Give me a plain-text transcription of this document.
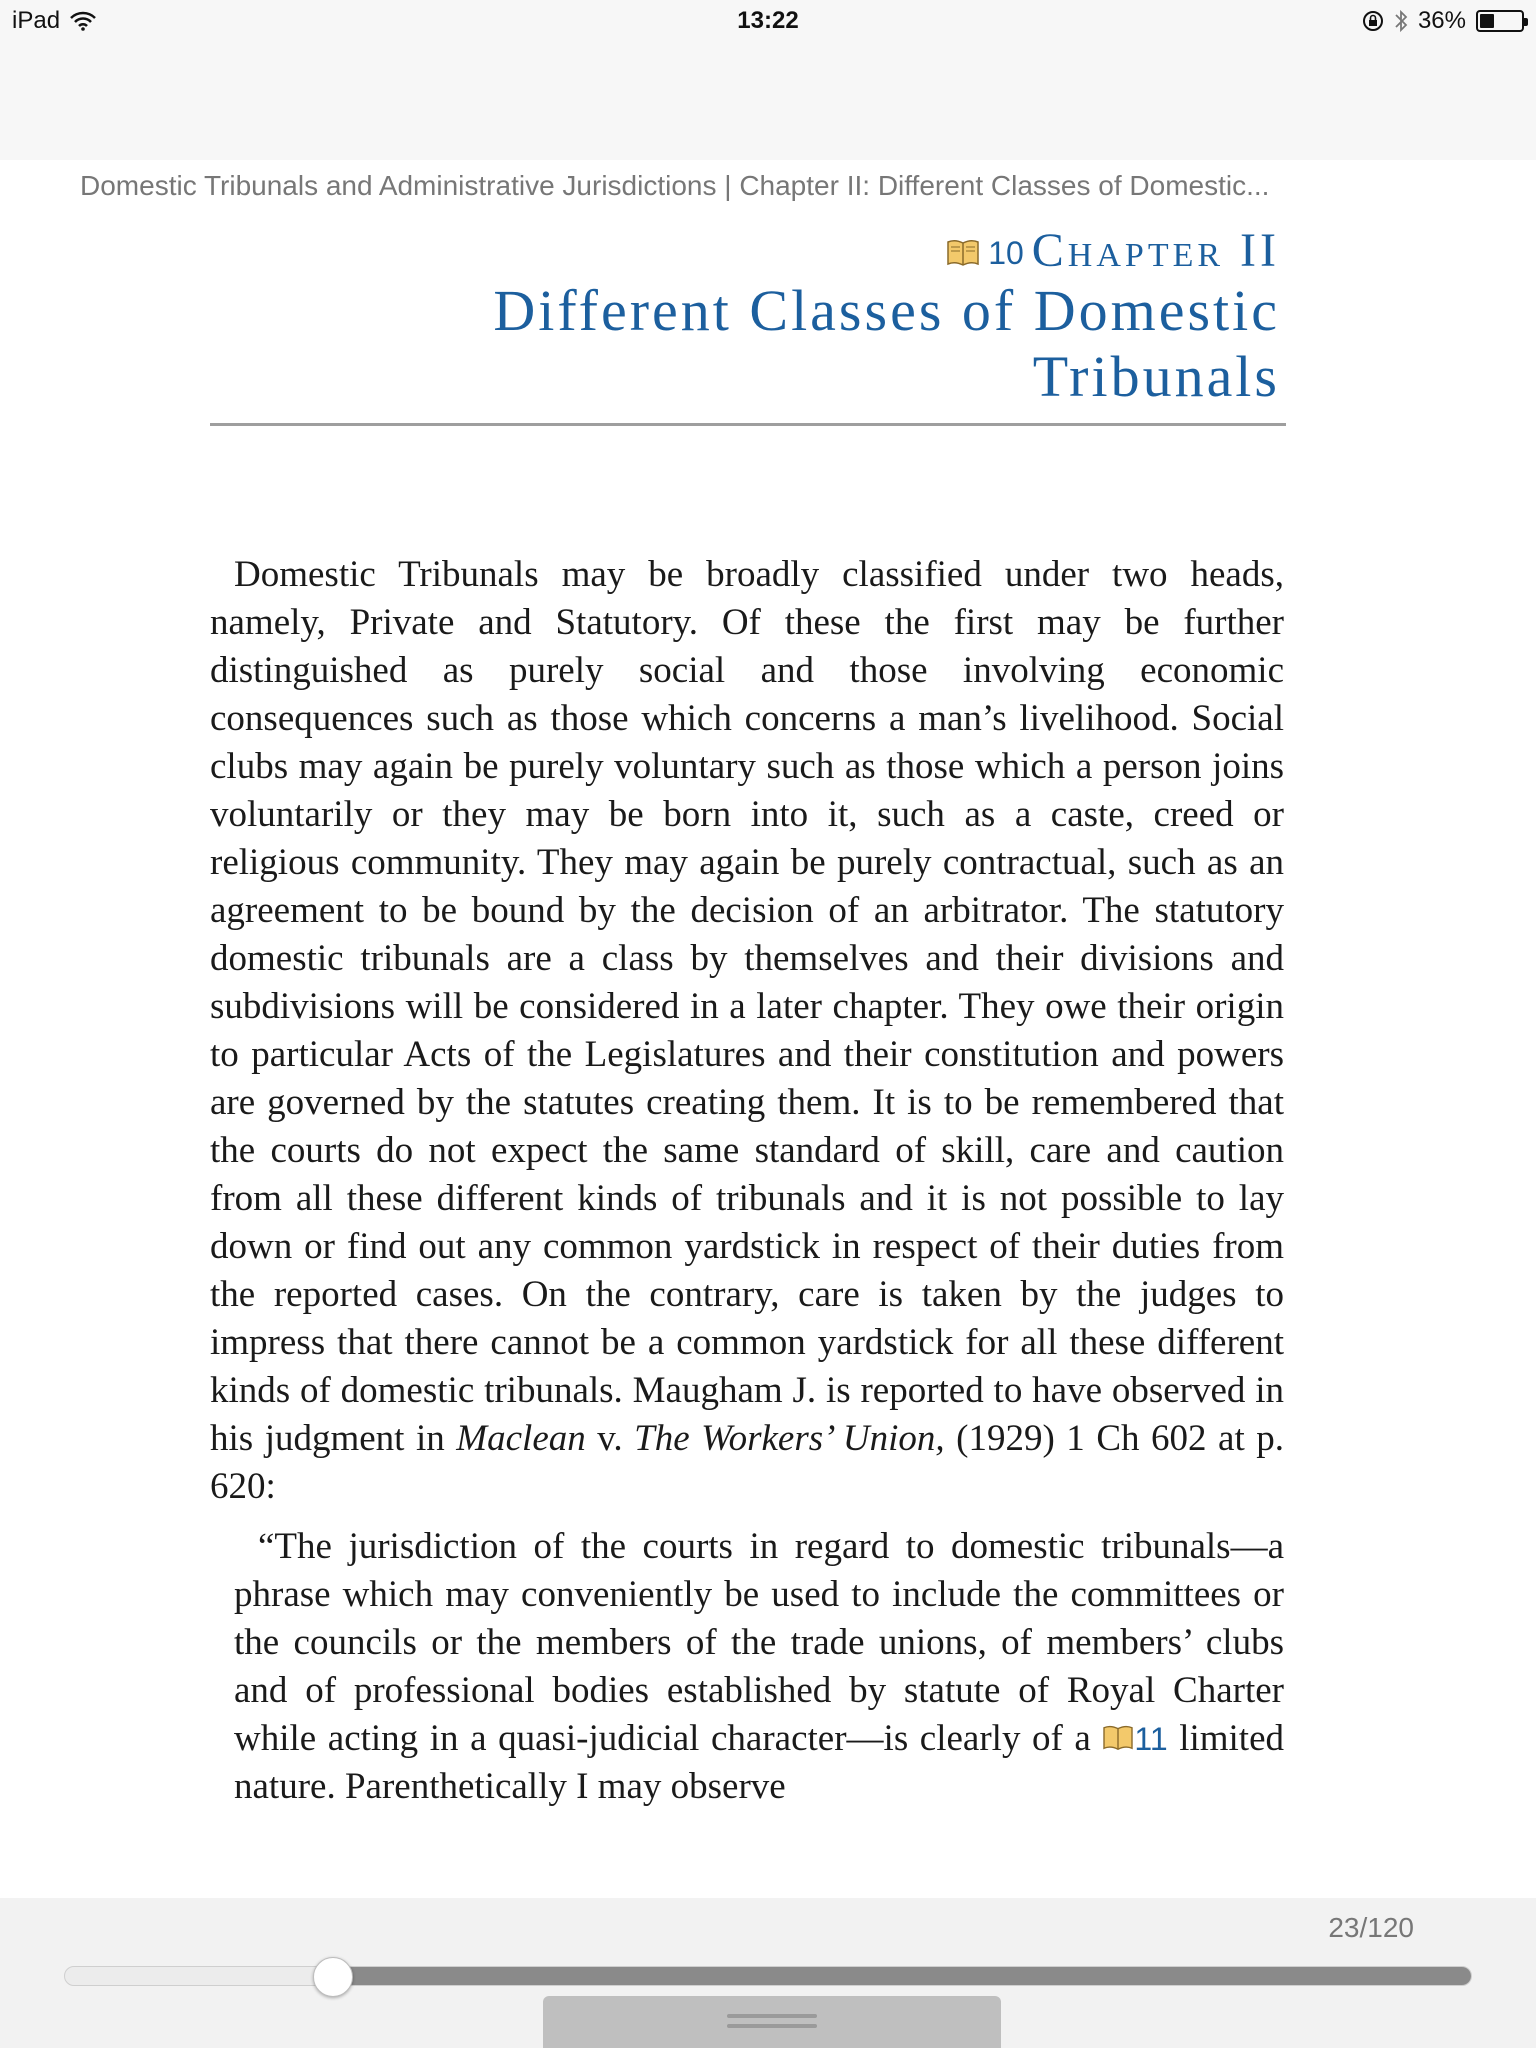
iPad	13:22	36%
Domestic Tribunals and Administrative Jurisdictions | Chapter II: Different Classes of Domestic...
10 Chapter II
Different Classes of Domestic
Tribunals

Domestic Tribunals may be broadly classified under two heads, namely, Private and Statutory. Of these the first may be further distinguished as purely social and those involving economic consequences such as those which concerns a man’s livelihood. Social clubs may again be purely voluntary such as those which a person joins voluntarily or they may be born into it, such as a caste, creed or religious community. They may again be purely contractual, such as an agreement to be bound by the decision of an arbitrator. The statutory domestic tribunals are a class by themselves and their divisions and subdivisions will be considered in a later chapter. They owe their origin to particular Acts of the Legislatures and their constitution and powers are governed by the statutes creating them. It is to be remembered that the courts do not expect the same standard of skill, care and caution from all these different kinds of tribunals and it is not possible to lay down or find out any common yardstick in respect of their duties from the reported cases. On the contrary, care is taken by the judges to impress that there cannot be a common yardstick for all these different kinds of domestic tribunals. Maugham J. is reported to have observed in his judgment in Maclean v. The Workers’ Union, (1929) 1 Ch 602 at p. 620:

“The jurisdiction of the courts in regard to domestic tribunals—a phrase which may conveniently be used to include the committees or the councils or the members of the trade unions, of members’ clubs and of professional bodies established by statute of Royal Charter while acting in a quasi-judicial character—is clearly of a 11 limited nature. Parenthetically I may observe

23/120
